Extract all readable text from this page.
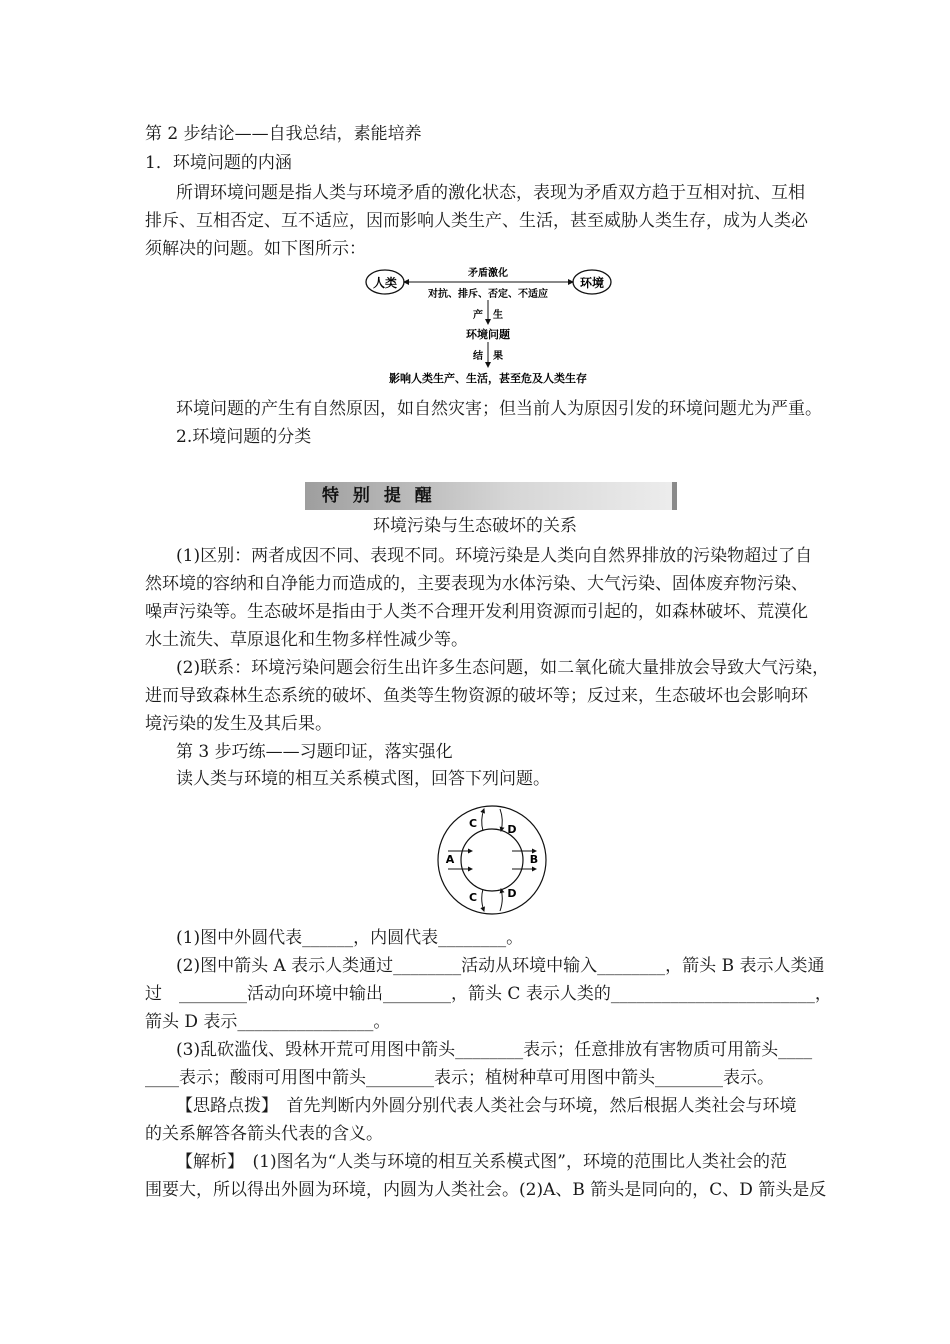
第 2 步结论——自我总结，素能培养
1．环境问题的内涵
所谓环境问题是指人类与环境矛盾的激化状态，表现为矛盾双方趋于互相对抗、互相
排斥、互相否定、互不适应，因而影响人类生产、生活，甚至威胁人类生存，成为人类必
须解决的问题。如下图所示：
人类	环境
矛盾激化
对抗、排斥、否定、不适应
产　生
环境问题
结　果
影响人类生产、生活，甚至危及人类生存
环境问题的产生有自然原因，如自然灾害；但当前人为原因引发的环境问题尤为严重。
2.环境问题的分类
特 别 提 醒
环境污染与生态破坏的关系
(1)区别：两者成因不同、表现不同。环境污染是人类向自然界排放的污染物超过了自
然环境的容纳和自净能力而造成的，主要表现为水体污染、大气污染、固体废弃物污染、
噪声污染等。生态破坏是指由于人类不合理开发利用资源而引起的，如森林破坏、荒漠化
水土流失、草原退化和生物多样性减少等。
(2)联系：环境污染问题会衍生出许多生态问题，如二氧化硫大量排放会导致大气污染，
进而导致森林生态系统的破坏、鱼类等生物资源的破坏等；反过来，生态破坏也会影响环
境污染的发生及其后果。
第 3 步巧练——习题印证，落实强化
读人类与环境的相互关系模式图，回答下列问题。
A	B
C	D
C	D
(1)图中外圆代表______，内圆代表________。
(2)图中箭头 A 表示人类通过________活动从环境中输入________，箭头 B 表示人类通
过　________活动向环境中输出________，箭头 C 表示人类的________________________，
箭头 D 表示________________。
(3)乱砍滥伐、毁林开荒可用图中箭头________表示；任意排放有害物质可用箭头____
____表示；酸雨可用图中箭头________表示；植树种草可用图中箭头________表示。
【思路点拨】　首先判断内外圆分别代表人类社会与环境，然后根据人类社会与环境
的关系解答各箭头代表的含义。
【解析】　(1)图名为“人类与环境的相互关系模式图”，环境的范围比人类社会的范
围要大，所以得出外圆为环境，内圆为人类社会。(2)A、B 箭头是同向的，C、D 箭头是反
